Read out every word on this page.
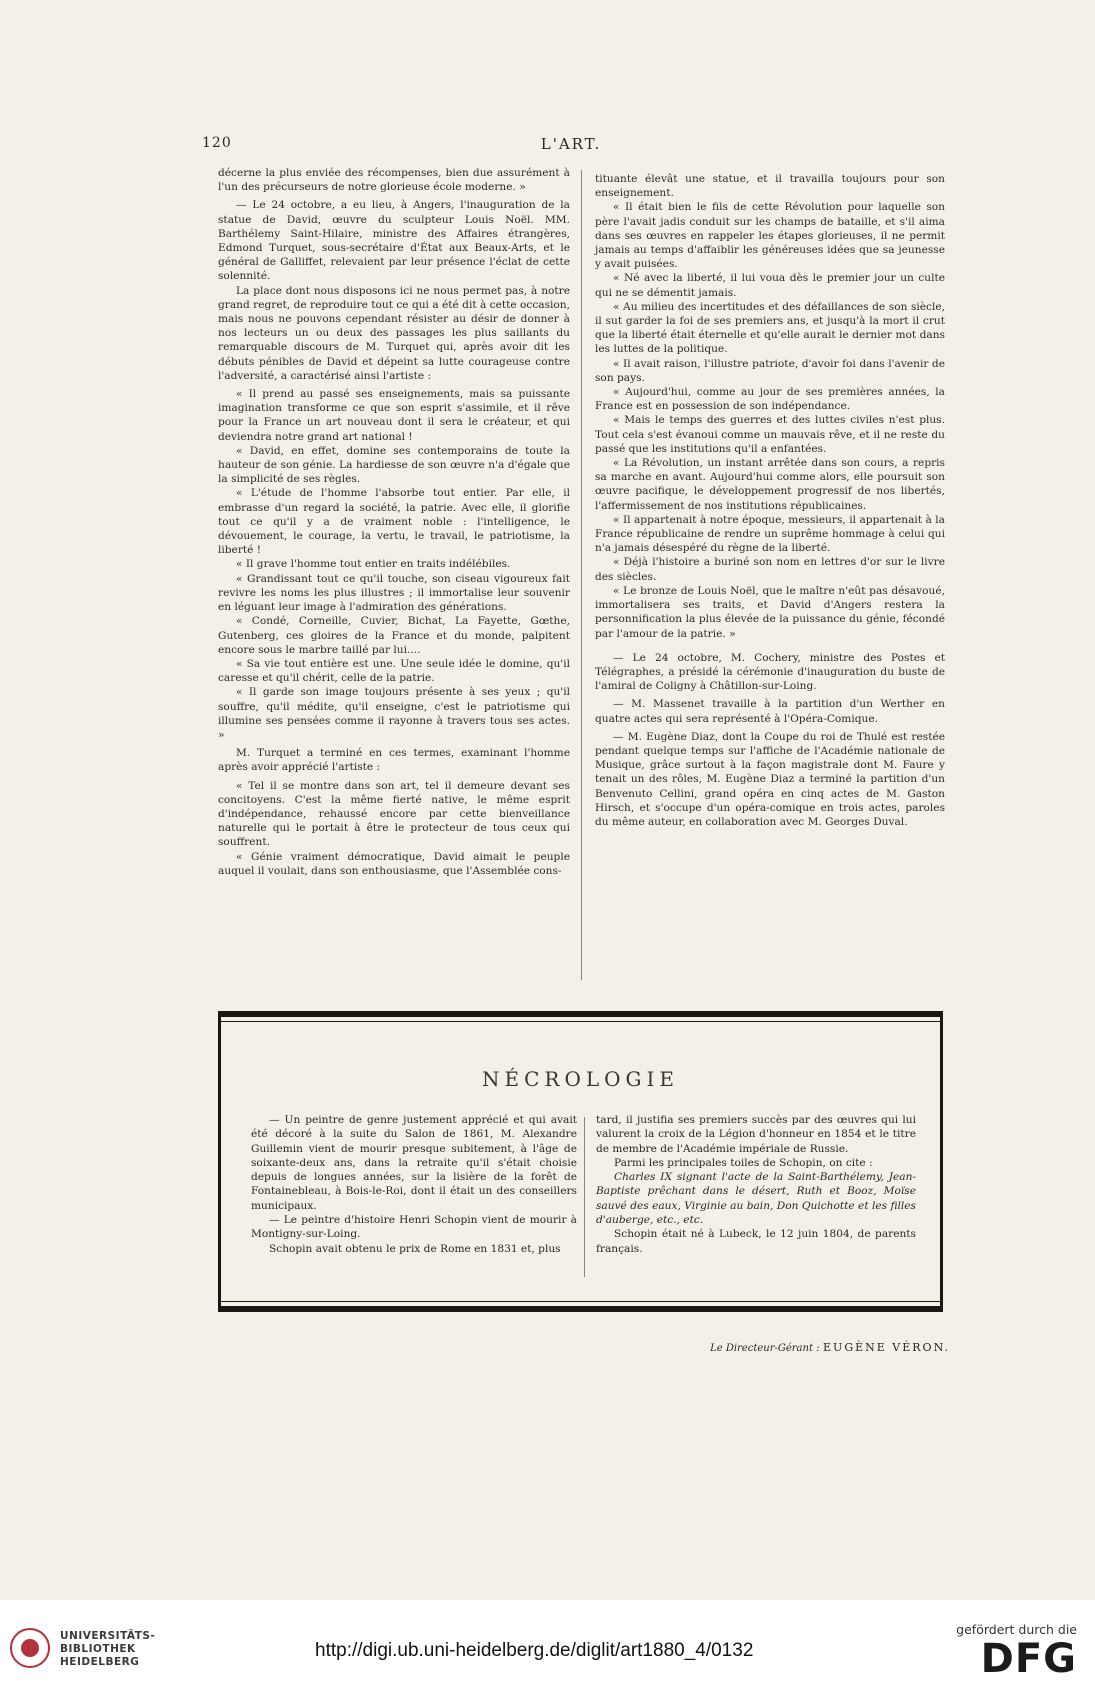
120	L'ART.

décerne la plus enviée des récompenses, bien due assurément à l'un des précurseurs de notre glorieuse école moderne. »

— Le 24 octobre, a eu lieu, à Angers, l'inauguration de la statue de David, œuvre du sculpteur Louis Noël. MM. Barthélemy Saint-Hilaire, ministre des Affaires étrangères, Edmond Turquet, sous-secrétaire d'État aux Beaux-Arts, et le général de Galliffet, relevaient par leur présence l'éclat de cette solennité.

La place dont nous disposons ici ne nous permet pas, à notre grand regret, de reproduire tout ce qui a été dit à cette occasion, mais nous ne pouvons cependant résister au désir de donner à nos lecteurs un ou deux des passages les plus saillants du remarquable discours de M. Turquet qui, après avoir dit les débuts pénibles de David et dépeint sa lutte courageuse contre l'adversité, a caractérisé ainsi l'artiste :

« Il prend au passé ses enseignements, mais sa puissante imagination transforme ce que son esprit s'assimile, et il rêve pour la France un art nouveau dont il sera le créateur, et qui deviendra notre grand art national !

« David, en effet, domine ses contemporains de toute la hauteur de son génie. La hardiesse de son œuvre n'a d'égale que la simplicité de ses règles.

« L'étude de l'homme l'absorbe tout entier. Par elle, il embrasse d'un regard la société, la patrie. Avec elle, il glorifie tout ce qu'il y a de vraiment noble : l'intelligence, le dévouement, le courage, la vertu, le travail, le patriotisme, la liberté !

« Il grave l'homme tout entier en traits indélébiles.

« Grandissant tout ce qu'il touche, son ciseau vigoureux fait revivre les noms les plus illustres ; il immortalise leur souvenir en léguant leur image à l'admiration des générations.

« Condé, Corneille, Cuvier, Bichat, La Fayette, Gœthe, Gutenberg, ces gloires de la France et du monde, palpitent encore sous le marbre taillé par lui....

« Sa vie tout entière est une. Une seule idée le domine, qu'il caresse et qu'il chérit, celle de la patrie.

« Il garde son image toujours présente à ses yeux ; qu'il souffre, qu'il médite, qu'il enseigne, c'est le patriotisme qui illumine ses pensées comme il rayonne à travers tous ses actes. »

M. Turquet a terminé en ces termes, examinant l'homme après avoir apprécié l'artiste :

« Tel il se montre dans son art, tel il demeure devant ses concitoyens. C'est la même fierté native, le même esprit d'indépendance, rehaussé encore par cette bienveillance naturelle qui le portait à être le protecteur de tous ceux qui souffrent.

« Génie vraiment démocratique, David aimait le peuple auquel il voulait, dans son enthousiasme, que l'Assemblée cons-

tituante élevât une statue, et il travailla toujours pour son enseignement.

« Il était bien le fils de cette Révolution pour laquelle son père l'avait jadis conduit sur les champs de bataille, et s'il aima dans ses œuvres en rappeler les étapes glorieuses, il ne permit jamais au temps d'affaiblir les généreuses idées que sa jeunesse y avait puisées.

« Né avec la liberté, il lui voua dès le premier jour un culte qui ne se démentit jamais.

« Au milieu des incertitudes et des défaillances de son siècle, il sut garder la foi de ses premiers ans, et jusqu'à la mort il crut que la liberté était éternelle et qu'elle aurait le dernier mot dans les luttes de la politique.

« Il avait raison, l'illustre patriote, d'avoir foi dans l'avenir de son pays.

« Aujourd'hui, comme au jour de ses premières années, la France est en possession de son indépendance.

« Mais le temps des guerres et des luttes civiles n'est plus. Tout cela s'est évanoui comme un mauvais rêve, et il ne reste du passé que les institutions qu'il a enfantées.

« La Révolution, un instant arrêtée dans son cours, a repris sa marche en avant. Aujourd'hui comme alors, elle poursuit son œuvre pacifique, le développement progressif de nos libertés, l'affermissement de nos institutions républicaines.

« Il appartenait à notre époque, messieurs, il appartenait à la France républicaine de rendre un suprême hommage à celui qui n'a jamais désespéré du règne de la liberté.

« Déjà l'histoire a buriné son nom en lettres d'or sur le livre des siècles.

« Le bronze de Louis Noël, que le maître n'eût pas désavoué, immortalisera ses traits, et David d'Angers restera la personnification la plus élevée de la puissance du génie, fécondé par l'amour de la patrie. »

— Le 24 octobre, M. Cochery, ministre des Postes et Télégraphes, a présidé la cérémonie d'inauguration du buste de l'amiral de Coligny à Châtillon-sur-Loing.

— M. Massenet travaille à la partition d'un Werther en quatre actes qui sera représenté à l'Opéra-Comique.

— M. Eugène Diaz, dont la Coupe du roi de Thulé est restée pendant quelque temps sur l'affiche de l'Académie nationale de Musique, grâce surtout à la façon magistrale dont M. Faure y tenait un des rôles, M. Eugène Diaz a terminé la partition d'un Benvenuto Cellini, grand opéra en cinq actes de M. Gaston Hirsch, et s'occupe d'un opéra-comique en trois actes, paroles du même auteur, en collaboration avec M. Georges Duval.

NÉCROLOGIE

— Un peintre de genre justement apprécié et qui avait été décoré à la suite du Salon de 1861, M. Alexandre Guillemin vient de mourir presque subitement, à l'âge de soixante-deux ans, dans la retraite qu'il s'était choisie depuis de longues années, sur la lisière de la forêt de Fontainebleau, à Bois-le-Roi, dont il était un des conseillers municipaux.

— Le peintre d'histoire Henri Schopin vient de mourir à Montigny-sur-Loing.

Schopin avait obtenu le prix de Rome en 1831 et, plus

tard, il justifia ses premiers succès par des œuvres qui lui valurent la croix de la Légion d'honneur en 1854 et le titre de membre de l'Académie impériale de Russie.

Parmi les principales toiles de Schopin, on cite :

Charles IX signant l'acte de la Saint-Barthélemy, Jean-Baptiste prêchant dans le désert, Ruth et Booz, Moïse sauvé des eaux, Virginie au bain, Don Quichotte et les filles d'auberge, etc., etc.

Schopin était né à Lubeck, le 12 juin 1804, de parents français.

Le Directeur-Gérant : EUGÈNE VÉRON.
UNIVERSITÄTS-
BIBLIOTHEK
HEIDELBERG
http://digi.ub.uni-heidelberg.de/diglit/art1880_4/0132
gefördert durch die
DFG
